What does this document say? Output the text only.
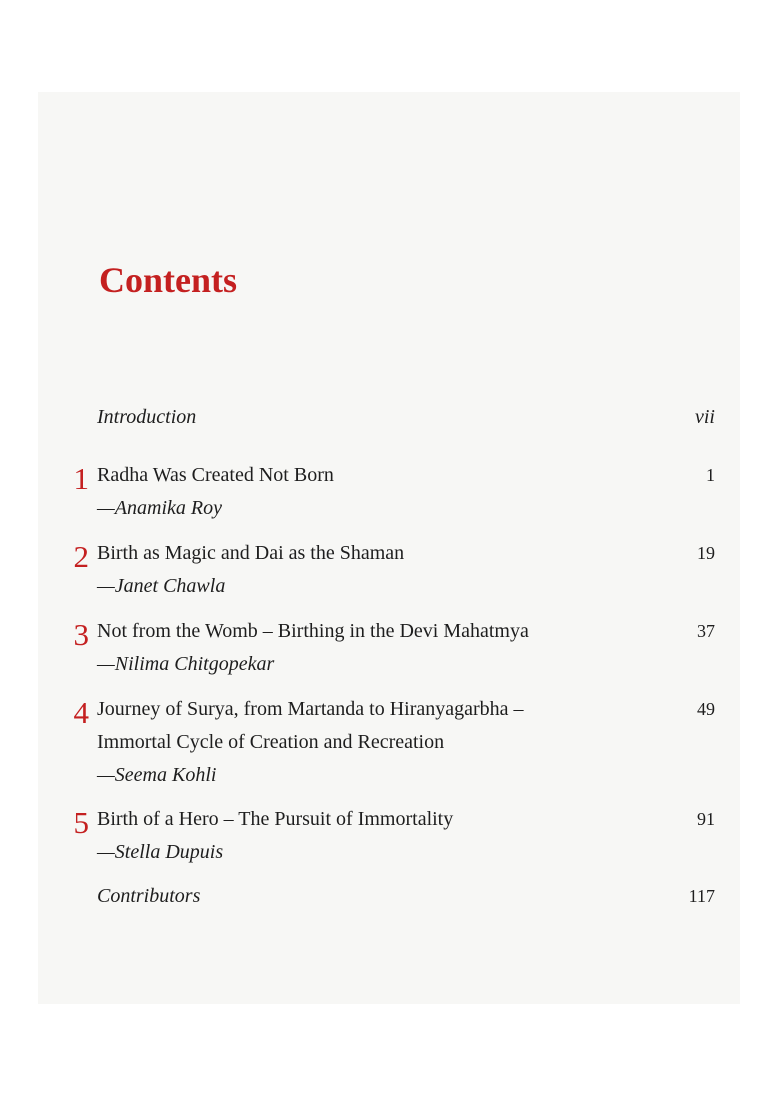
Contents
Introduction	vii
1 Radha Was Created Not Born
—Anamika Roy
1
2 Birth as Magic and Dai as the Shaman
—Janet Chawla
19
3 Not from the Womb – Birthing in the Devi Mahatmya
—Nilima Chitgopekar
37
4 Journey of Surya, from Martanda to Hiranyagarbha –
Immortal Cycle of Creation and Recreation
—Seema Kohli
49
5 Birth of a Hero – The Pursuit of Immortality
—Stella Dupuis
91
Contributors	117
